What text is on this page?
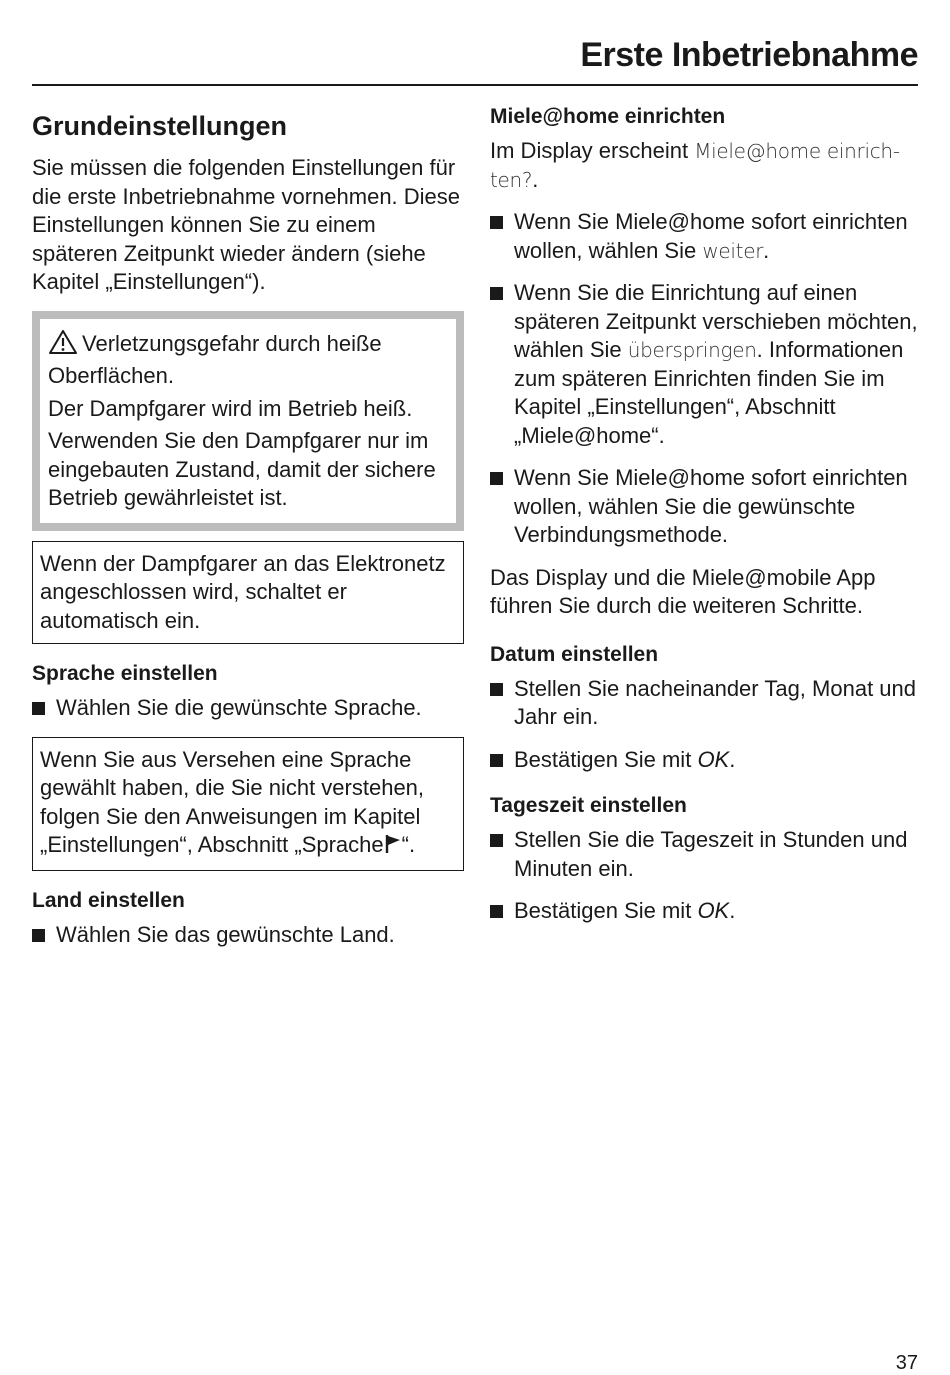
Erste Inbetriebnahme
Grundeinstellungen

Sie müssen die folgenden Einstellungen für die erste Inbetriebnahme vornehmen. Diese Einstellungen können Sie zu einem späteren Zeitpunkt wieder ändern (siehe Kapitel „Einstellungen“).

Verletzungsgefahr durch heiße Oberflächen.

Der Dampfgarer wird im Betrieb heiß.

Verwenden Sie den Dampfgarer nur im eingebauten Zustand, damit der sichere Betrieb gewährleistet ist.

Wenn der Dampfgarer an das Elektronetz angeschlossen wird, schaltet er automatisch ein.
Sprache einstellen
Wählen Sie die gewünschte Sprache.
Wenn Sie aus Versehen eine Sprache gewählt haben, die Sie nicht verstehen, folgen Sie den Anweisungen im Kapitel „Einstellungen“, Abschnitt „Sprache “.
Land einstellen
Wählen Sie das gewünschte Land.
Miele@home einrichten

Im Display erscheint Miele@home einrichten?.

Wenn Sie Miele@home sofort einrichten wollen, wählen Sie weiter.
Wenn Sie die Einrichtung auf einen späteren Zeitpunkt verschieben möchten, wählen Sie überspringen. Informationen zum späteren Einrichten finden Sie im Kapitel „Einstellungen“, Abschnitt „Miele@home“.
Wenn Sie Miele@home sofort einrichten wollen, wählen Sie die gewünschte Verbindungsmethode.

Das Display und die Miele@mobile App führen Sie durch die weiteren Schritte.

Datum einstellen
Stellen Sie nacheinander Tag, Monat und Jahr ein.
Bestätigen Sie mit OK.
Tageszeit einstellen
Stellen Sie die Tageszeit in Stunden und Minuten ein.
Bestätigen Sie mit OK.
37
